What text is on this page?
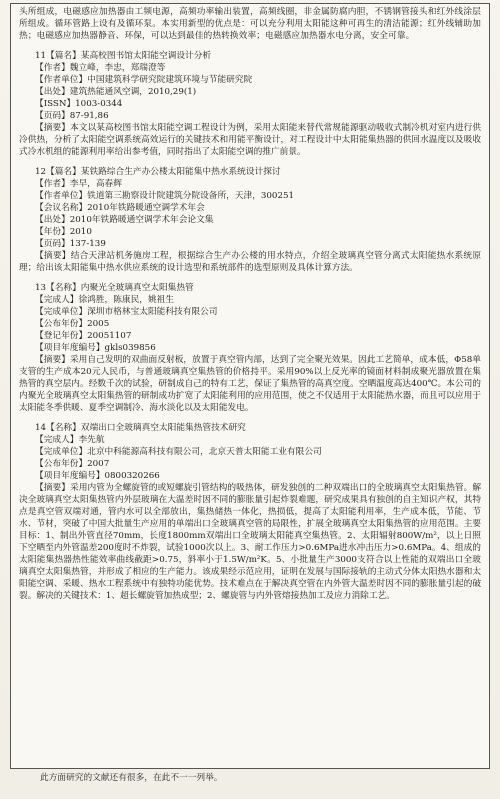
头所组成，电磁感应加热器由工频电源，高频功率输出装置，高频线圈，非金属防腐内胆，不锈钢管接头和红外线涂层所组成。循环管路上设有及循环泵。本实用新型的优点是：可以充分利用太阳能这种可再生的清洁能源；红外线辅助加热；电磁感应加热器静音、环保，可以达到最佳的热转换效率；电磁感应加热器水电分离，安全可靠。

11【篇名】某高校图书馆太阳能空调设计分析

【作者】魏立峰，李忠，郑瑞澄等

【作者单位】中国建筑科学研究院建筑环境与节能研究院

【出处】建筑热能通风空调，2010,29(1)

【ISSN】1003-0344

【页码】87-91,86

【摘要】本文以某高校图书馆太阳能空调工程设计为例，采用太阳能来替代常规能源驱动吸收式制冷机对室内进行供冷供热，分析了太阳能空调系统高效运行的关键技术和用能平衡设计，对工程设计中太阳能集热器的供回水温度以及吸收式冷水机组的能源利用率给出参考值，同时指出了太阳能空调的推广前景。

12【篇名】某铁路综合生产办公楼太阳能集中热水系统设计探讨

【作者】李早，高春辉

【作者单位】铁道第三勘察设计院建筑分院设备所，天津，300251

【会议名称】2010年铁路暖通空调学术年会

【出处】2010年铁路暖通空调学术年会论文集

【年份】2010

【页码】137-139

【摘要】结合天津站机务施房工程，根据综合生产办公楼的用水特点，介绍全玻璃真空管分离式太阳能热水系统原理；给出该太阳能集中热水供应系统的设计选型和系统部件的选型原则及具体计算方法。

13【名称】内聚光全玻璃真空太阳集热管

【完成人】徐鸿胜，陈康民，姚祖生

【完成单位】深圳市格林宝太阳能科技有限公司

【公布年份】2005

【登记年份】20051107

【项目年度编号】gkls039856

【摘要】采用自己发明的双曲面反射板，放置于真空管内部，达到了完全聚光效果。因此工艺简单，成本低，Φ58单支管的生产成本20元人民币，与普通玻璃真空集热管的价格持平。采用90%以上反光率的镜面材料制成聚光器放置在集热管的真空层内。经数千次的试验，研制成自己的特有工艺，保证了集热管的高真空度。空晒温度高达400℃。本公司的内聚光全玻璃真空太阳集热管的研制成功扩宽了太阳能利用的应用范围，使之不仅适用于太阳能热水器，而且可以应用于太阳能冬季供暖、夏季空调制冷、海水淡化以及太阳能发电。

14【名称】双端出口全玻璃真空太阳能集热管技术研究

【完成人】李先航

【完成单位】北京中科能源高科技有限公司，北京天普太阳能工业有限公司

【公布年份】2007

【项目年度编号】0800320266

【摘要】采用内管为全螺旋管的或短螺旋引管结构的吸热体，研发独创的二种双端出口的全玻璃真空太阳集热管。解决全玻璃真空太阳集热管内外层玻璃在大温差时因不同的膨胀量引起炸裂难题，研究成果具有独创的自主知识产权，其特点是真空管双端对通，管内水可以全部放出，集热储热一体化，热损低，提高了太阳能利用率，生产成本低，节能、节水、节材，突破了中国大批量生产应用的单端出口全玻璃真空管的局限性，扩展全玻璃真空太阳集热管的应用范围。主要目标：1、制出外管直径70mm，长度1800mm双端出口全玻璃太阳能真空集热管。2、太阳辐射800W/m²，以上日照下空晒至内外管温差200度时不炸裂，试验1000次以上。3、耐工作压力>0.6MPa进水冲击压力>0.6MPa。4、组成的太阳能集热器热性能效率曲线截距>0.75，斜率小于1.5W/m²K。5、小批量生产3000支符合以上性能的双端出口全玻璃真空太阳集热管，并形成了相应的生产能力。该成果经示范应用，证明在发展与国际接轨的主动式分体太阳热水器和太阳能空调、采暖、热水工程系统中有独特功能优势。技术难点在于解决真空管在内外管大温差时因不同的膨胀量引起的破裂。解决的关键技术：1、超长螺旋管加热成型；2、螺旋管与内外管熔接热加工及应力消除工艺。

此方面研究的文献还有很多，在此不一一列举。
